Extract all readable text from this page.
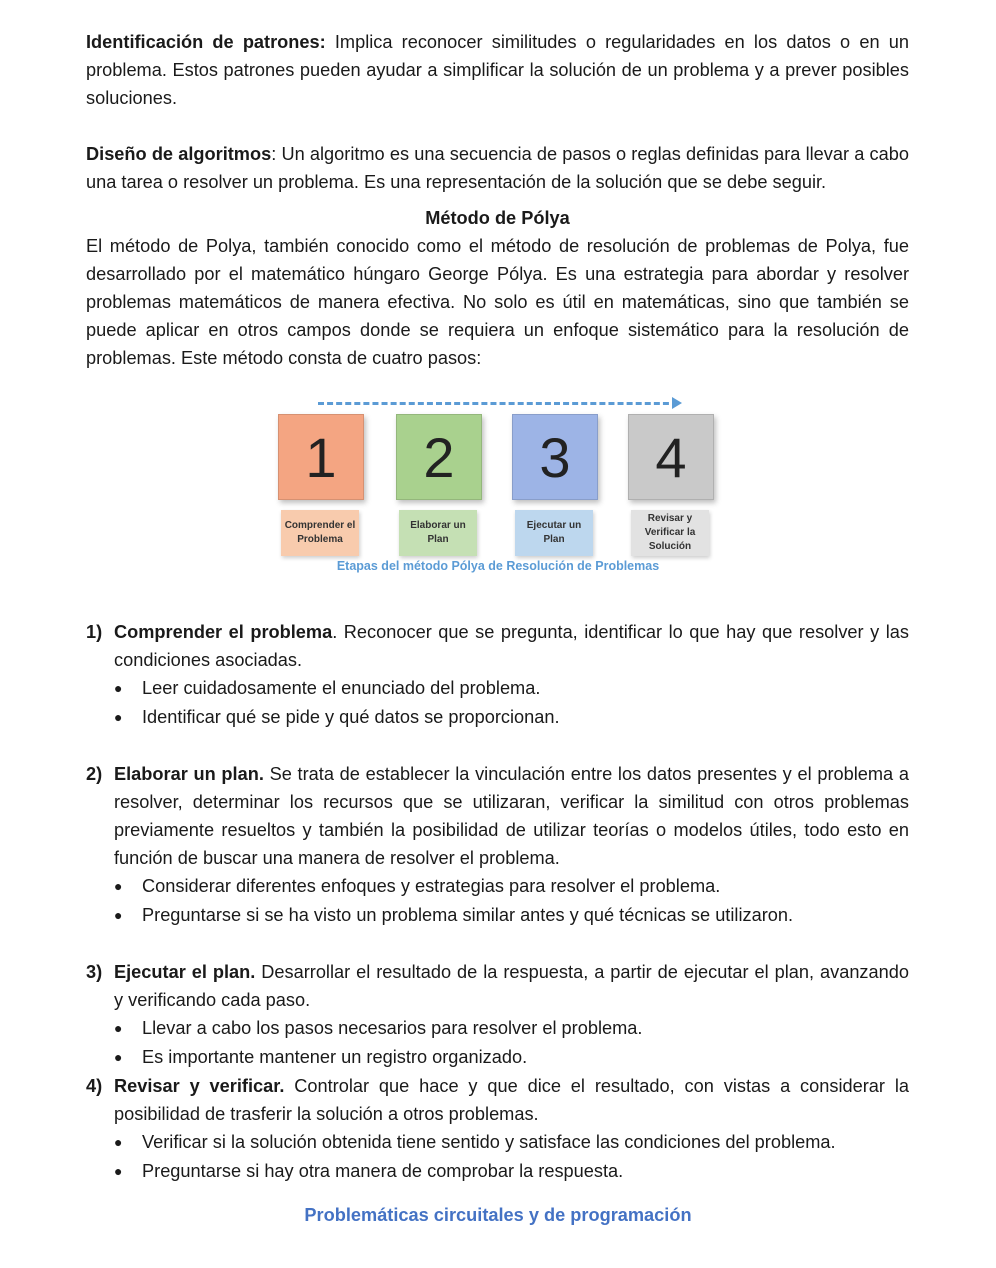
Identificación de patrones: Implica reconocer similitudes o regularidades en los datos o en un problema. Estos patrones pueden ayudar a simplificar la solución de un problema y a prever posibles soluciones.

Diseño de algoritmos: Un algoritmo es una secuencia de pasos o reglas definidas para llevar a cabo una tarea o resolver un problema. Es una representación de la solución que se debe seguir.

Método de Pólya

El método de Polya, también conocido como el método de resolución de problemas de Polya, fue desarrollado por el matemático húngaro George Pólya. Es una estrategia para abordar y resolver problemas matemáticos de manera efectiva. No solo es útil en matemáticas, sino que también se puede aplicar en otros campos donde se requiera un enfoque sistemático para la resolución de problemas. Este método consta de cuatro pasos:

1
Comprender el Problema
2
Elaborar un Plan
3
Ejecutar un Plan
4
Revisar y Verificar la Solución
Etapas del método Pólya de Resolución de Problemas
1) Comprender el problema. Reconocer que se pregunta, identificar lo que hay que resolver y las condiciones asociadas.

●	Leer cuidadosamente el enunciado del problema.
●	Identificar qué se pide y qué datos se proporcionan.
2) Elaborar un plan. Se trata de establecer la vinculación entre los datos presentes y el problema a resolver, determinar los recursos que se utilizaran, verificar la similitud con otros problemas previamente resueltos y también la posibilidad de utilizar teorías o modelos útiles, todo esto en función de buscar una manera de resolver el problema.

●	Considerar diferentes enfoques y estrategias para resolver el problema.
●	Preguntarse si se ha visto un problema similar antes y qué técnicas se utilizaron.
3) Ejecutar el plan. Desarrollar el resultado de la respuesta, a partir de ejecutar el plan, avanzando y verificando cada paso.

●	Llevar a cabo los pasos necesarios para resolver el problema.
●	Es importante mantener un registro organizado.
4) Revisar y verificar. Controlar que hace y que dice el resultado, con vistas a considerar la posibilidad de trasferir la solución a otros problemas.

●	Verificar si la solución obtenida tiene sentido y satisface las condiciones del problema.
●	Preguntarse si hay otra manera de comprobar la respuesta.
Problemáticas circuitales y de programación
